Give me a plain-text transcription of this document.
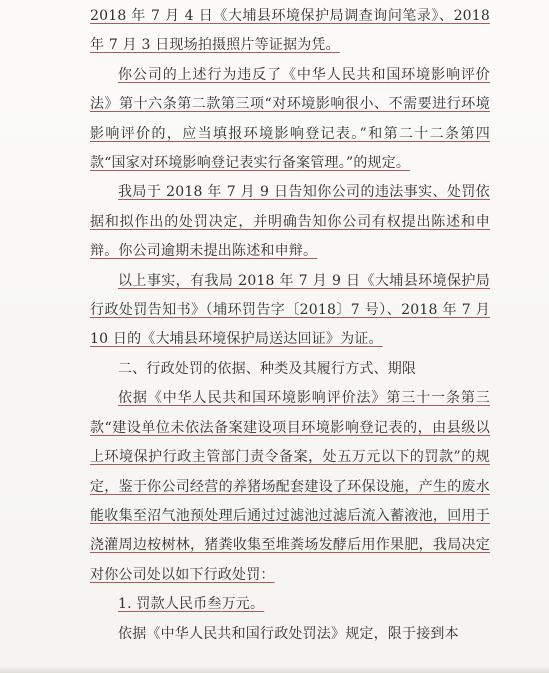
2018 年 7 月 4 日《大埔县环境保护局调查询问笔录》、2018 年 7 月 3 日现场拍摄照片等证据为凭。

你公司的上述行为违反了《中华人民共和国环境影响评价法》第十六条第二款第三项“对环境影响很小、不需要进行环境影响评价的，应当填报环境影响登记表。”和第二十二条第四款“国家对环境影响登记表实行备案管理。”的规定。

我局于 2018 年 7 月 9 日告知你公司的违法事实、处罚依据和拟作出的处罚决定，并明确告知你公司有权提出陈述和申辩。你公司逾期未提出陈述和申辩。

以上事实，有我局 2018 年 7 月 9 日《大埔县环境保护局行政处罚告知书》（埔环罚告字〔2018〕7 号）、2018 年 7 月 10 日的《大埔县环境保护局送达回证》为证。

二、行政处罚的依据、种类及其履行方式、期限

依据《中华人民共和国环境影响评价法》第三十一条第三款“建设单位未依法备案建设项目环境影响登记表的，由县级以上环境保护行政主管部门责令备案，处五万元以下的罚款”的规定，鉴于你公司经营的养猪场配套建设了环保设施，产生的废水能收集至沼气池预处理后通过过滤池过滤后流入蓄液池，回用于浇灌周边桉树林，猪粪收集至堆粪场发酵后用作果肥，我局决定对你公司处以如下行政处罚：

1. 罚款人民币叁万元。

依据《中华人民共和国行政处罚法》规定，限于接到本
